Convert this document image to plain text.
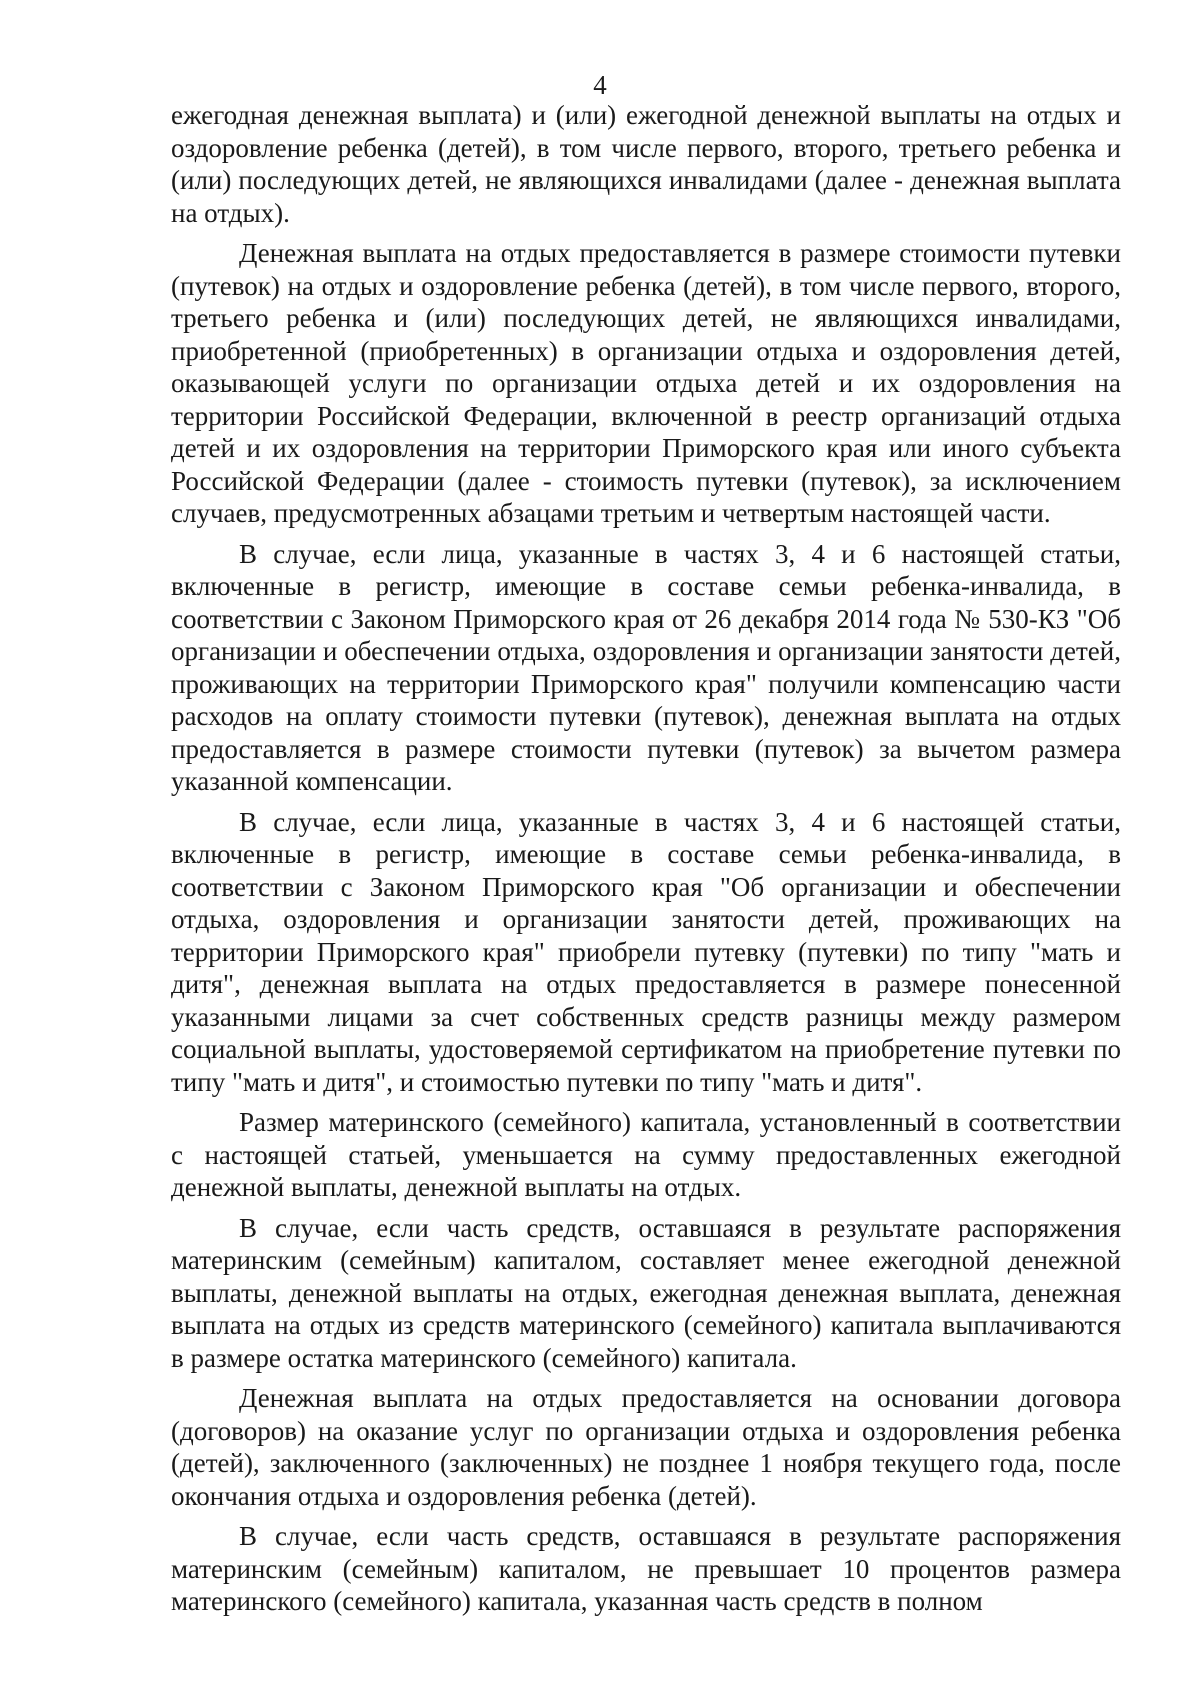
4

ежегодная денежная выплата) и (или) ежегодной денежной выплаты на отдых и оздоровление ребенка (детей), в том числе первого, второго, третьего ребенка и (или) последующих детей, не являющихся инвалидами (далее - денежная выплата на отдых).

Денежная выплата на отдых предоставляется в размере стоимости путевки (путевок) на отдых и оздоровление ребенка (детей), в том числе первого, второго, третьего ребенка и (или) последующих детей, не являющихся инвалидами, приобретенной (приобретенных) в организации отдыха и оздоровления детей, оказывающей услуги по организации отдыха детей и их оздоровления на территории Российской Федерации, включенной в реестр организаций отдыха детей и их оздоровления на территории Приморского края или иного субъекта Российской Федерации (далее - стоимость путевки (путевок), за исключением случаев, предусмотренных абзацами третьим и четвертым настоящей части.

В случае, если лица, указанные в частях 3, 4 и 6 настоящей статьи, включенные в регистр, имеющие в составе семьи ребенка-инвалида, в соответствии с Законом Приморского края от 26 декабря 2014 года № 530-КЗ "Об организации и обеспечении отдыха, оздоровления и организации занятости детей, проживающих на территории Приморского края" получили компенсацию части расходов на оплату стоимости путевки (путевок), денежная выплата на отдых предоставляется в размере стоимости путевки (путевок) за вычетом размера указанной компенсации.

В случае, если лица, указанные в частях 3, 4 и 6 настоящей статьи, включенные в регистр, имеющие в составе семьи ребенка-инвалида, в соответствии с Законом Приморского края "Об организации и обеспечении отдыха, оздоровления и организации занятости детей, проживающих на территории Приморского края" приобрели путевку (путевки) по типу "мать и дитя", денежная выплата на отдых предоставляется в размере понесенной указанными лицами за счет собственных средств разницы между размером социальной выплаты, удостоверяемой сертификатом на приобретение путевки по типу "мать и дитя", и стоимостью путевки по типу "мать и дитя".

Размер материнского (семейного) капитала, установленный в соответствии с настоящей статьей, уменьшается на сумму предоставленных ежегодной денежной выплаты, денежной выплаты на отдых.

В случае, если часть средств, оставшаяся в результате распоряжения материнским (семейным) капиталом, составляет менее ежегодной денежной выплаты, денежной выплаты на отдых, ежегодная денежная выплата, денежная выплата на отдых из средств материнского (семейного) капитала выплачиваются в размере остатка материнского (семейного) капитала.

Денежная выплата на отдых предоставляется на основании договора (договоров) на оказание услуг по организации отдыха и оздоровления ребенка (детей), заключенного (заключенных) не позднее 1 ноября текущего года, после окончания отдыха и оздоровления ребенка (детей).

В случае, если часть средств, оставшаяся в результате распоряжения материнским (семейным) капиталом, не превышает 10 процентов размера материнского (семейного) капитала, указанная часть средств в полном
